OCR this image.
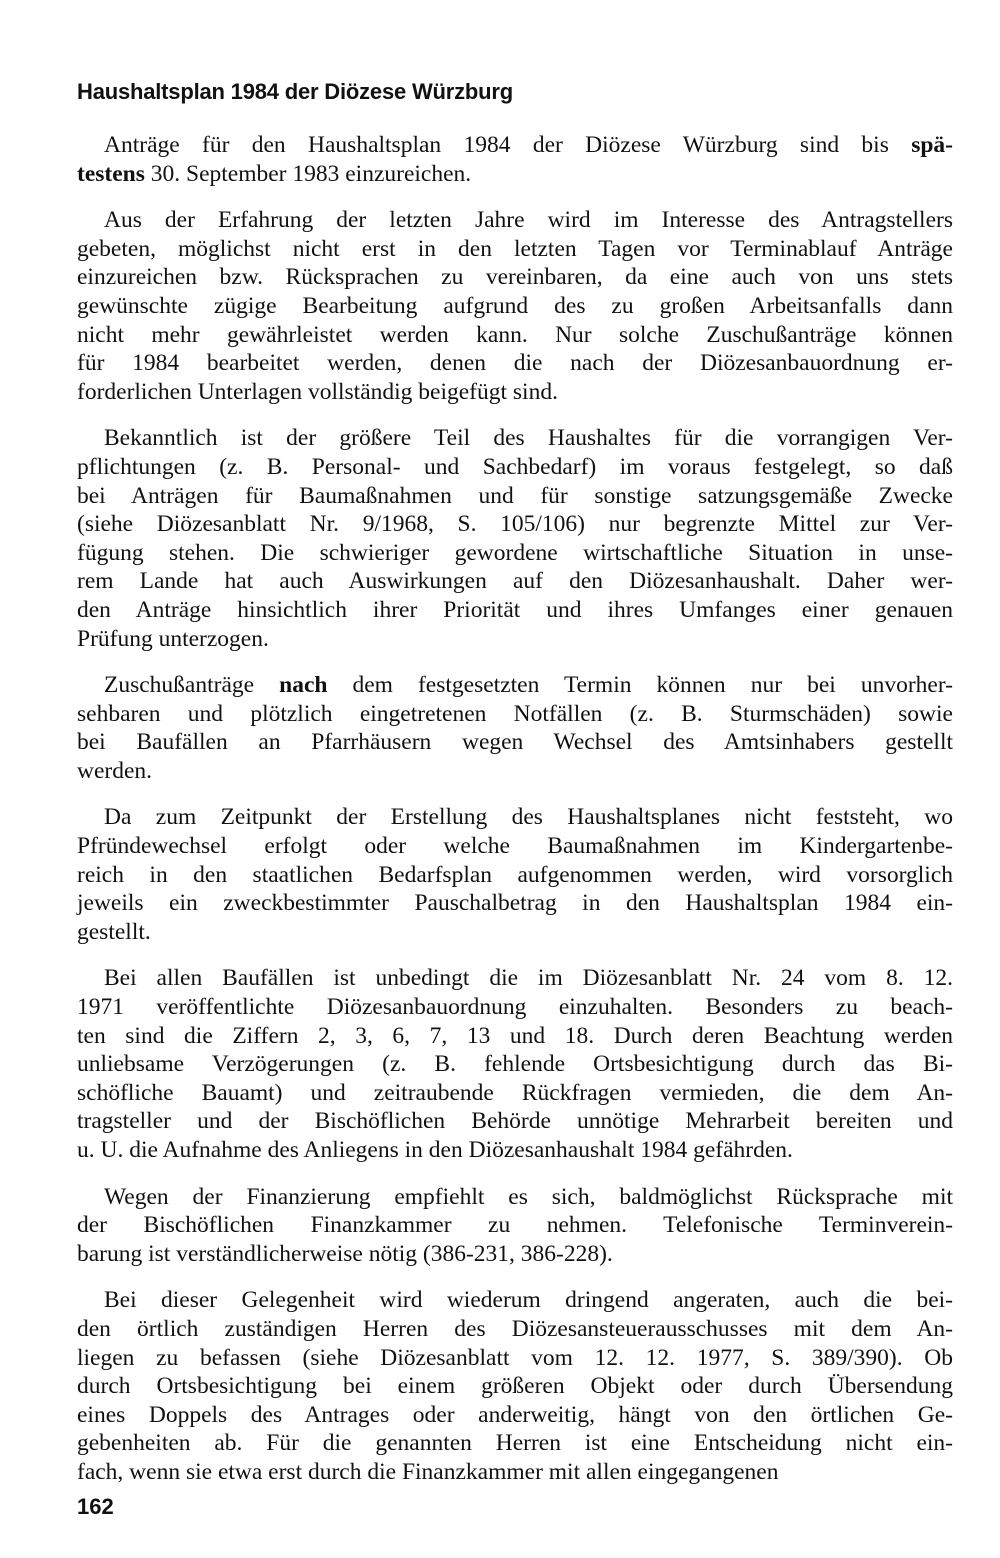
Haushaltsplan 1984 der Diözese Würzburg
Anträge für den Haushaltsplan 1984 der Diözese Würzburg sind bis spä-
testens 30. September 1983 einzureichen.
Aus der Erfahrung der letzten Jahre wird im Interesse des Antragstellers
gebeten, möglichst nicht erst in den letzten Tagen vor Terminablauf Anträge
einzureichen bzw. Rücksprachen zu vereinbaren, da eine auch von uns stets
gewünschte zügige Bearbeitung aufgrund des zu großen Arbeitsanfalls dann
nicht mehr gewährleistet werden kann. Nur solche Zuschußanträge können
für 1984 bearbeitet werden, denen die nach der Diözesanbauordnung er-
forderlichen Unterlagen vollständig beigefügt sind.
Bekanntlich ist der größere Teil des Haushaltes für die vorrangigen Ver-
pflichtungen (z. B. Personal- und Sachbedarf) im voraus festgelegt, so daß
bei Anträgen für Baumaßnahmen und für sonstige satzungsgemäße Zwecke
(siehe Diözesanblatt Nr. 9/1968, S. 105/106) nur begrenzte Mittel zur Ver-
fügung stehen. Die schwieriger gewordene wirtschaftliche Situation in unse-
rem Lande hat auch Auswirkungen auf den Diözesanhaushalt. Daher wer-
den Anträge hinsichtlich ihrer Priorität und ihres Umfanges einer genauen
Prüfung unterzogen.
Zuschußanträge nach dem festgesetzten Termin können nur bei unvorher-
sehbaren und plötzlich eingetretenen Notfällen (z. B. Sturmschäden) sowie
bei Baufällen an Pfarrhäusern wegen Wechsel des Amtsinhabers gestellt
werden.
Da zum Zeitpunkt der Erstellung des Haushaltsplanes nicht feststeht, wo
Pfründewechsel erfolgt oder welche Baumaßnahmen im Kindergartenbe-
reich in den staatlichen Bedarfsplan aufgenommen werden, wird vorsorglich
jeweils ein zweckbestimmter Pauschalbetrag in den Haushaltsplan 1984 ein-
gestellt.
Bei allen Baufällen ist unbedingt die im Diözesanblatt Nr. 24 vom 8. 12.
1971 veröffentlichte Diözesanbauordnung einzuhalten. Besonders zu beach-
ten sind die Ziffern 2, 3, 6, 7, 13 und 18. Durch deren Beachtung werden
unliebsame Verzögerungen (z. B. fehlende Ortsbesichtigung durch das Bi-
schöfliche Bauamt) und zeitraubende Rückfragen vermieden, die dem An-
tragsteller und der Bischöflichen Behörde unnötige Mehrarbeit bereiten und
u. U. die Aufnahme des Anliegens in den Diözesanhaushalt 1984 gefährden.
Wegen der Finanzierung empfiehlt es sich, baldmöglichst Rücksprache mit
der Bischöflichen Finanzkammer zu nehmen. Telefonische Terminverein-
barung ist verständlicherweise nötig (386-231, 386-228).
Bei dieser Gelegenheit wird wiederum dringend angeraten, auch die bei-
den örtlich zuständigen Herren des Diözesansteuerausschusses mit dem An-
liegen zu befassen (siehe Diözesanblatt vom 12. 12. 1977, S. 389/390). Ob
durch Ortsbesichtigung bei einem größeren Objekt oder durch Übersendung
eines Doppels des Antrages oder anderweitig, hängt von den örtlichen Ge-
gebenheiten ab. Für die genannten Herren ist eine Entscheidung nicht ein-
fach, wenn sie etwa erst durch die Finanzkammer mit allen eingegangenen
162
